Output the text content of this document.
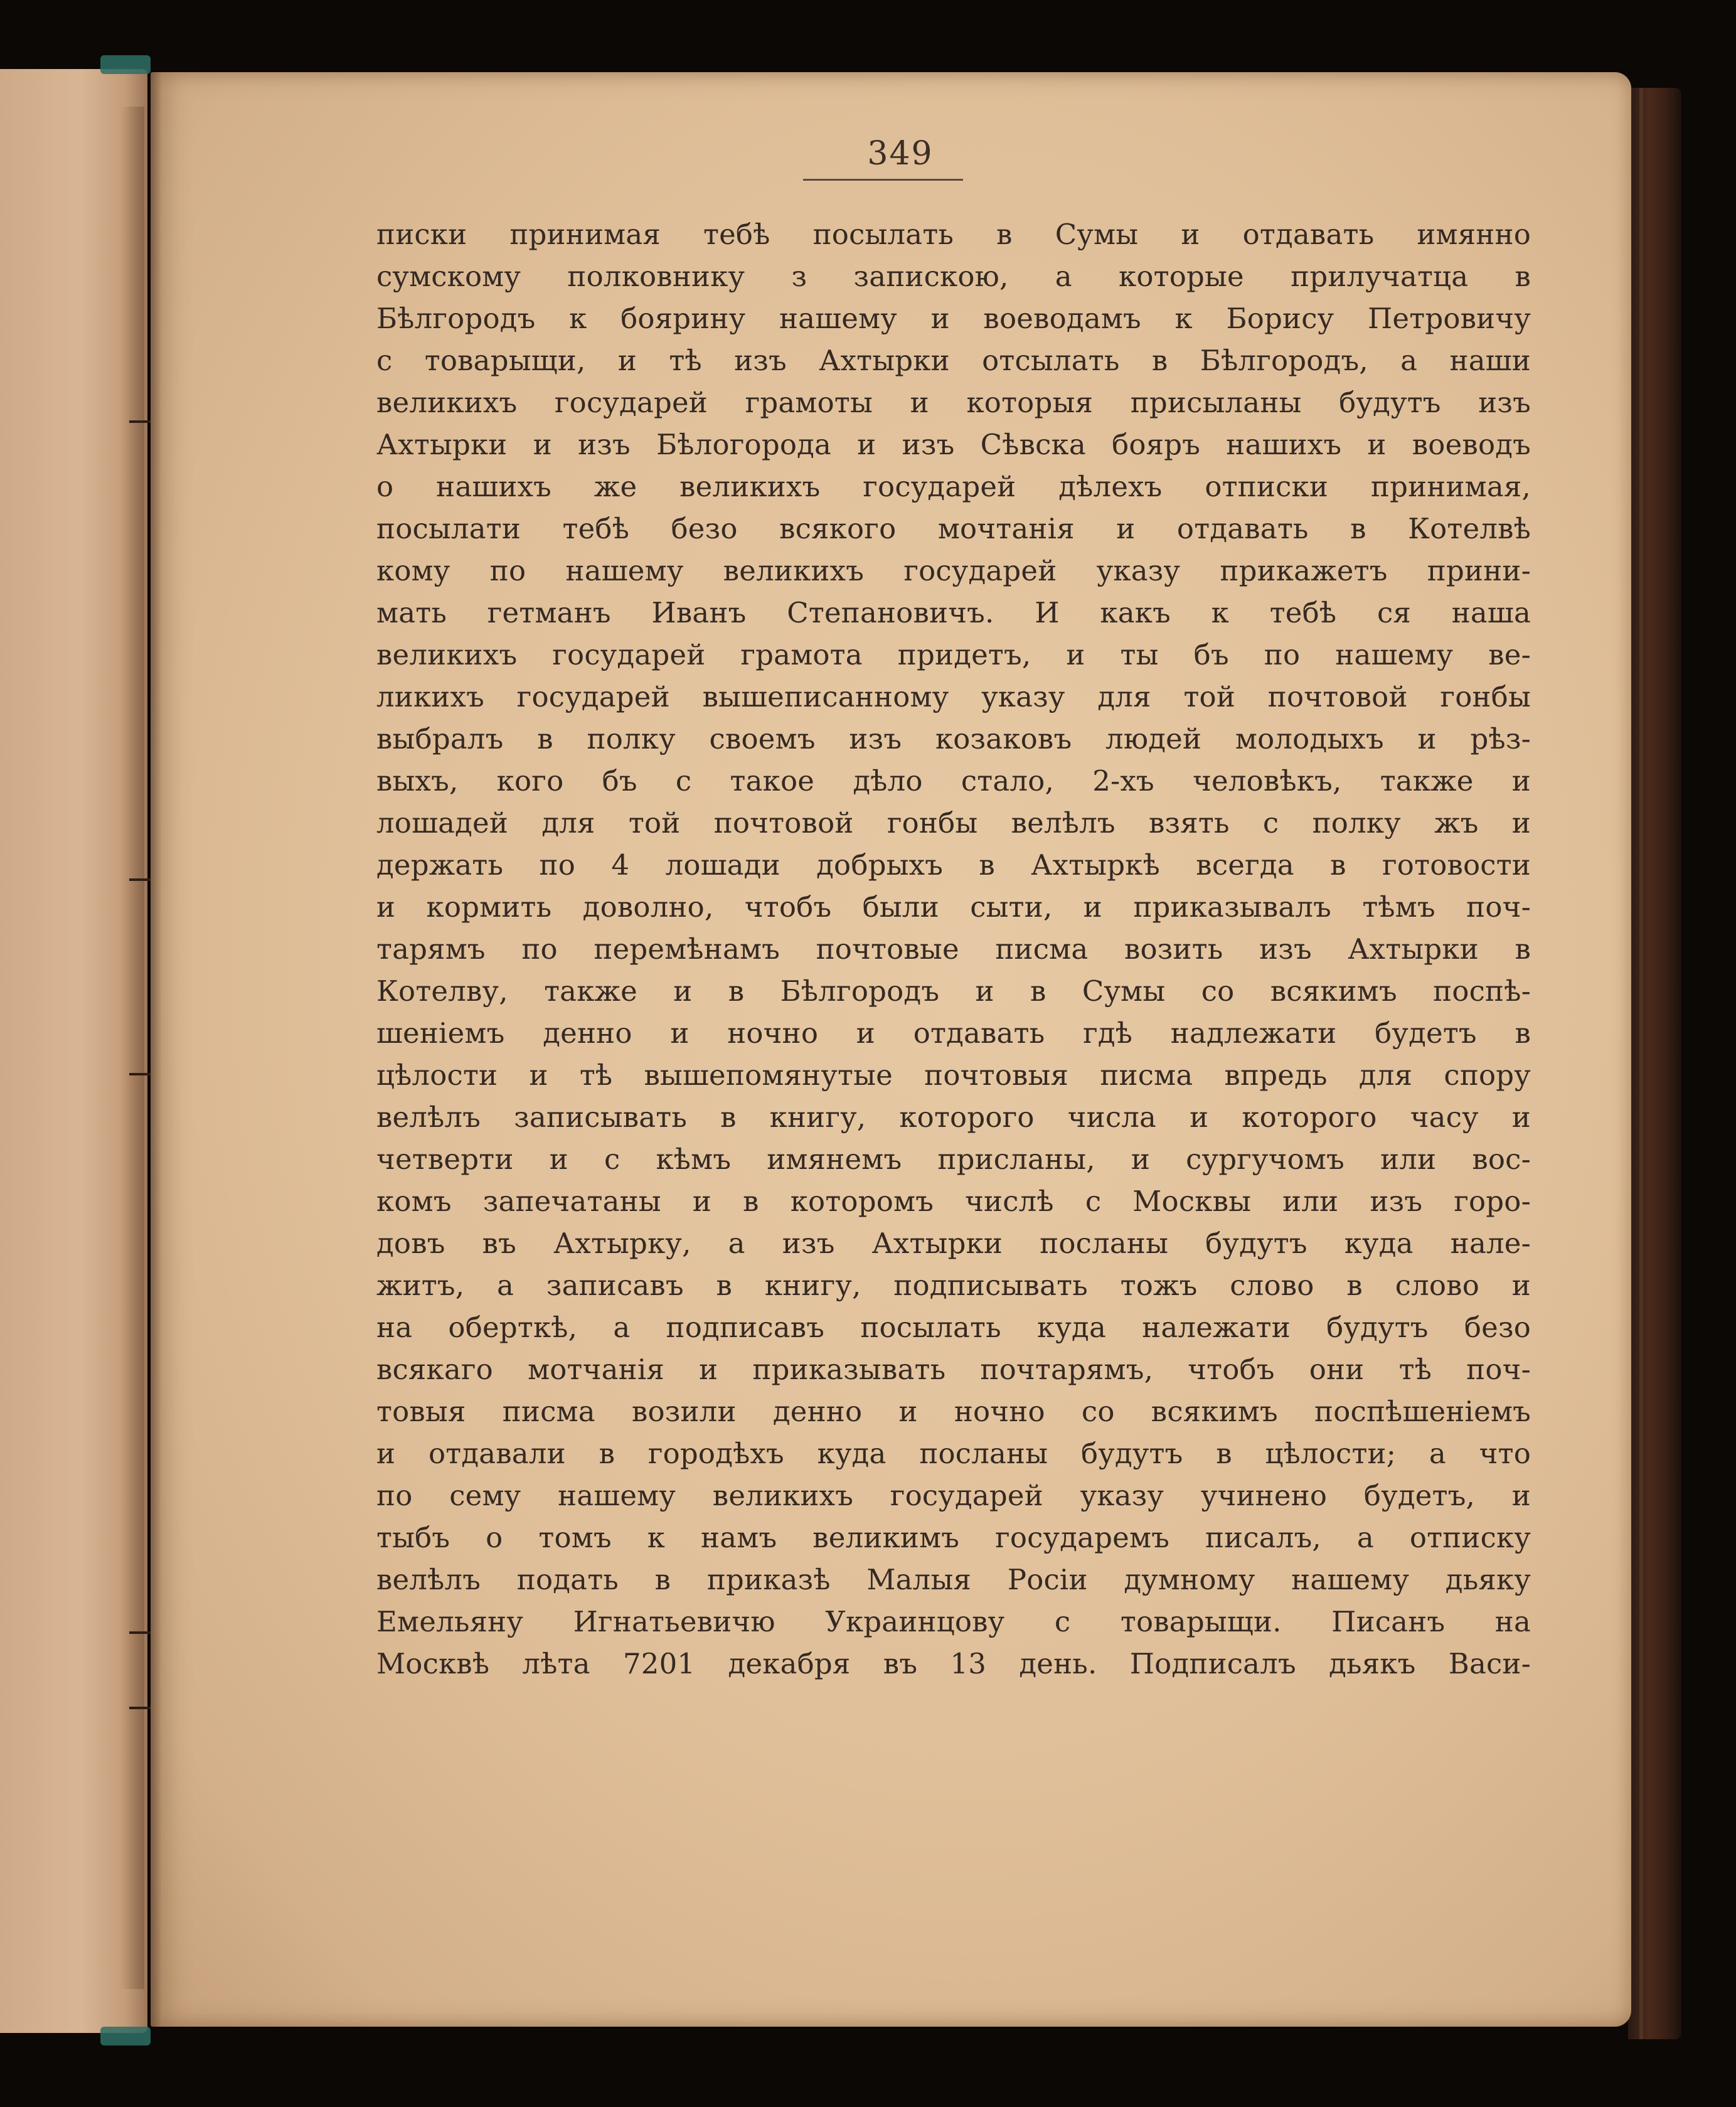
349
писки принимая тебѣ посылать в Сумы и отдавать имянно
сумскому полковнику з запискою, а которые прилучатца в
Бѣлгородъ к боярину нашему и воеводамъ к Борису Петровичу
с товарыщи, и тѣ изъ Ахтырки отсылать в Бѣлгородъ, а наши
великихъ государей грамоты и которыя присыланы будутъ изъ
Ахтырки и изъ Бѣлогорода и изъ Сѣвска бояръ нашихъ и воеводъ
о нашихъ же великихъ государей дѣлехъ отписки принимая,
посылати тебѣ безо всякого мочтанія и отдавать в Котелвѣ
кому по нашему великихъ государей указу прикажетъ прини-
мать гетманъ Иванъ Степановичъ. И какъ к тебѣ ся наша
великихъ государей грамота придетъ, и ты бъ по нашему ве-
ликихъ государей вышеписанному указу для той почтовой гонбы
выбралъ в полку своемъ изъ козаковъ людей молодыхъ и рѣз-
выхъ, кого бъ с такое дѣло стало, 2-хъ человѣкъ, также и
лошадей для той почтовой гонбы велѣлъ взять с полку жъ и
держать по 4 лошади добрыхъ в Ахтыркѣ всегда в готовости
и кормить доволно, чтобъ были сыти, и приказывалъ тѣмъ поч-
тарямъ по перемѣнамъ почтовые писма возить изъ Ахтырки в
Котелву, также и в Бѣлгородъ и в Сумы со всякимъ поспѣ-
шеніемъ денно и ночно и отдавать гдѣ надлежати будетъ в
цѣлости и тѣ вышепомянутые почтовыя писма впредь для спору
велѣлъ записывать в книгу, которого числа и которого часу и
четверти и с кѣмъ имянемъ присланы, и сургучомъ или вос-
комъ запечатаны и в которомъ числѣ с Москвы или изъ горо-
довъ въ Ахтырку, а изъ Ахтырки посланы будутъ куда нале-
житъ, а записавъ в книгу, подписывать тожъ слово в слово и
на оберткѣ, а подписавъ посылать куда належати будутъ безо
всякаго мотчанія и приказывать почтарямъ, чтобъ они тѣ поч-
товыя писма возили денно и ночно со всякимъ поспѣшеніемъ
и отдавали в городѣхъ куда посланы будутъ в цѣлости; а что
по сему нашему великихъ государей указу учинено будетъ, и
тыбъ о томъ к намъ великимъ государемъ писалъ, а отписку
велѣлъ подать в приказѣ Малыя Росіи думному нашему дьяку
Емельяну Игнатьевичю Украинцову с товарыщи. Писанъ на
Москвѣ лѣта 7201 декабря въ 13 день. Подписалъ дьякъ Васи-
